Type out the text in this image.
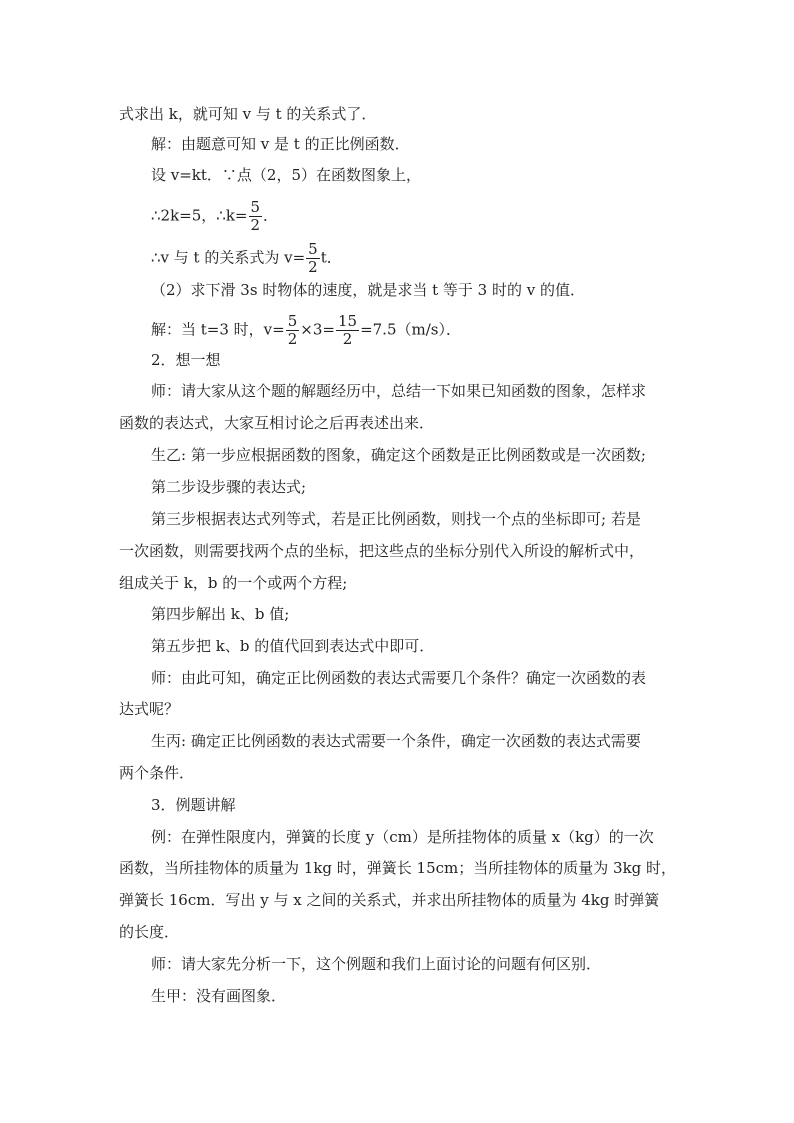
式求出 k，就可知 v 与 t 的关系式了．
解：由题意可知 v 是 t 的正比例函数．
设 v=kt．∵点（2，5）在函数图象上，
∴2k=5，∴k= $\frac{5}{2}$ ．
∴v 与 t 的关系式为 $v= \frac{5}{2}$ t．
（2）求下滑 3s 时物体的速度，就是求当 t 等于 3 时的 v 的值．
解：当 t=3 时，$v= \frac{5}{2} \times 3= \frac{15}{2} =7.5(m/s)$．
2．想一想
师：请大家从这个题的解题经历中，总结一下如果已知函数的图象，怎样求
函数的表达式，大家互相讨论之后再表述出来．
生乙: 第一步应根据函数的图象，确定这个函数是正比例函数或是一次函数;
第二步设步骤的表达式;
第三步根据表达式列等式，若是正比例函数，则找一个点的坐标即可; 若是
一次函数，则需要找两个点的坐标，把这些点的坐标分别代入所设的解析式中，
组成关于 k，b 的一个或两个方程;
第四步解出 k、b 值;
第五步把 k、b 的值代回到表达式中即可．
师：由此可知，确定正比例函数的表达式需要几个条件？确定一次函数的表
达式呢？
生丙: 确定正比例函数的表达式需要一个条件，确定一次函数的表达式需要
两个条件．
3．例题讲解
例：在弹性限度内，弹簧的长度 y（cm）是所挂物体的质量 x（kg）的一次
函数，当所挂物体的质量为 1kg 时，弹簧长 15cm；当所挂物体的质量为 3kg 时，
弹簧长 16cm．写出 y 与 x 之间的关系式，并求出所挂物体的质量为 4kg 时弹簧
的长度．
师：请大家先分析一下，这个例题和我们上面讨论的问题有何区别．
生甲：没有画图象．
